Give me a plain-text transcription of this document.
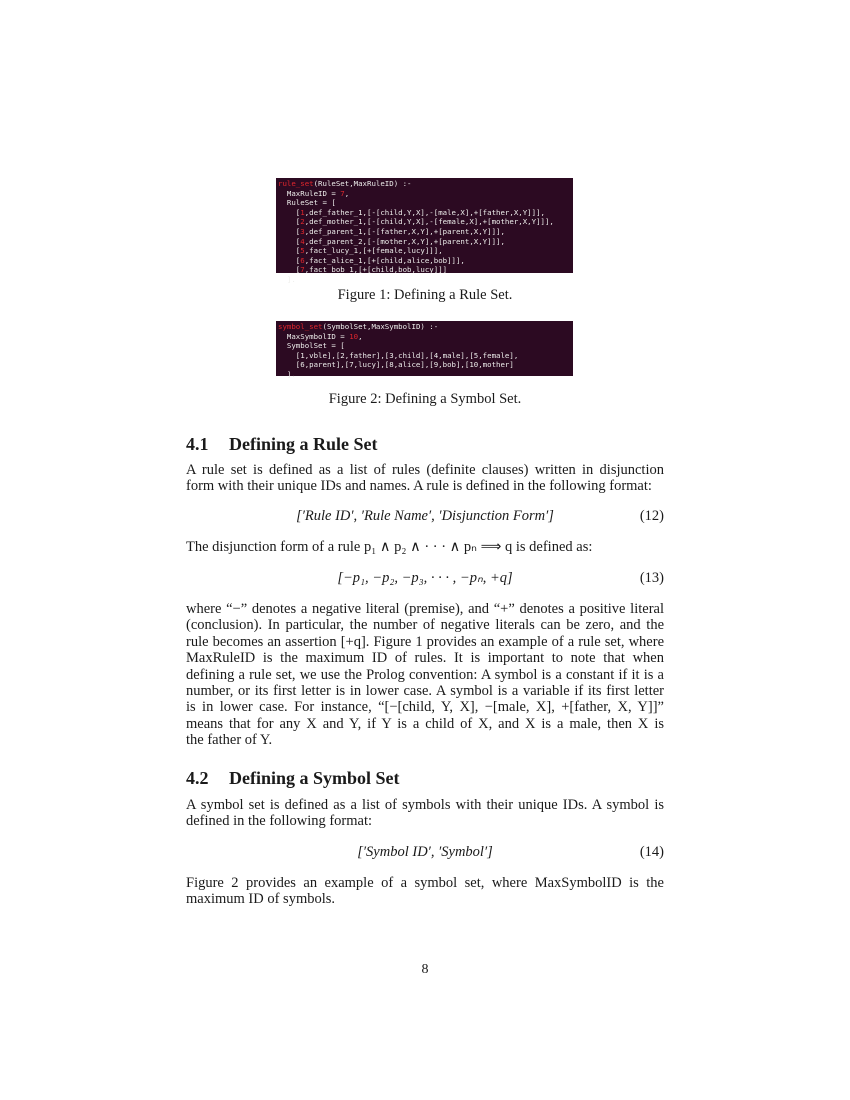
rule_set(RuleSet,MaxRuleID) :-
MaxRuleID = 7,
RuleSet = [
[1,def_father_1,[-[child,Y,X],-[male,X],+[father,X,Y]]],
[2,def_mother_1,[-[child,Y,X],-[female,X],+[mother,X,Y]]],
[3,def_parent_1,[-[father,X,Y],+[parent,X,Y]]],
[4,def_parent_2,[-[mother,X,Y],+[parent,X,Y]]],
[5,fact_lucy_1,[+[female,lucy]]],
[6,fact_alice_1,[+[child,alice,bob]]],
[7,fact_bob_1,[+[child,bob,lucy]]]
].
Figure 1: Defining a Rule Set.
symbol_set(SymbolSet,MaxSymbolID) :-
MaxSymbolID = 10,
SymbolSet = [
[1,vble],[2,father],[3,child],[4,male],[5,female],
[6,parent],[7,lucy],[8,alice],[9,bob],[10,mother]
].
Figure 2: Defining a Symbol Set.
4.1 Defining a Rule Set
A rule set is defined as a list of rules (definite clauses) written in disjunction
form with their unique IDs and names. A rule is defined in the following format:
[′Rule ID′, ′Rule Name′, ′Disjunction Form′]	(12)
The disjunction form of a rule p₁ ∧ p₂ ∧ · · · ∧ pₙ ⟹ q is defined as:
[−p₁, −p₂, −p₃, · · · , −pₙ, +q]	(13)
where “−” denotes a negative literal (premise), and “+” denotes a positive literal
(conclusion). In particular, the number of negative literals can be zero, and the
rule becomes an assertion [+q]. Figure 1 provides an example of a rule set, where
MaxRuleID is the maximum ID of rules. It is important to note that when
defining a rule set, we use the Prolog convention: A symbol is a constant if it is a
number, or its first letter is in lower case. A symbol is a variable if its first letter
is in lower case. For instance, “[−[child, Y, X], −[male, X], +[father, X, Y]]”
means that for any X and Y, if Y is a child of X, and X is a male, then X is
the father of Y.
4.2 Defining a Symbol Set
A symbol set is defined as a list of symbols with their unique IDs. A symbol is
defined in the following format:
[′Symbol ID′, ′Symbol′]	(14)
Figure 2 provides an example of a symbol set, where MaxSymbolID is the
maximum ID of symbols.
8
